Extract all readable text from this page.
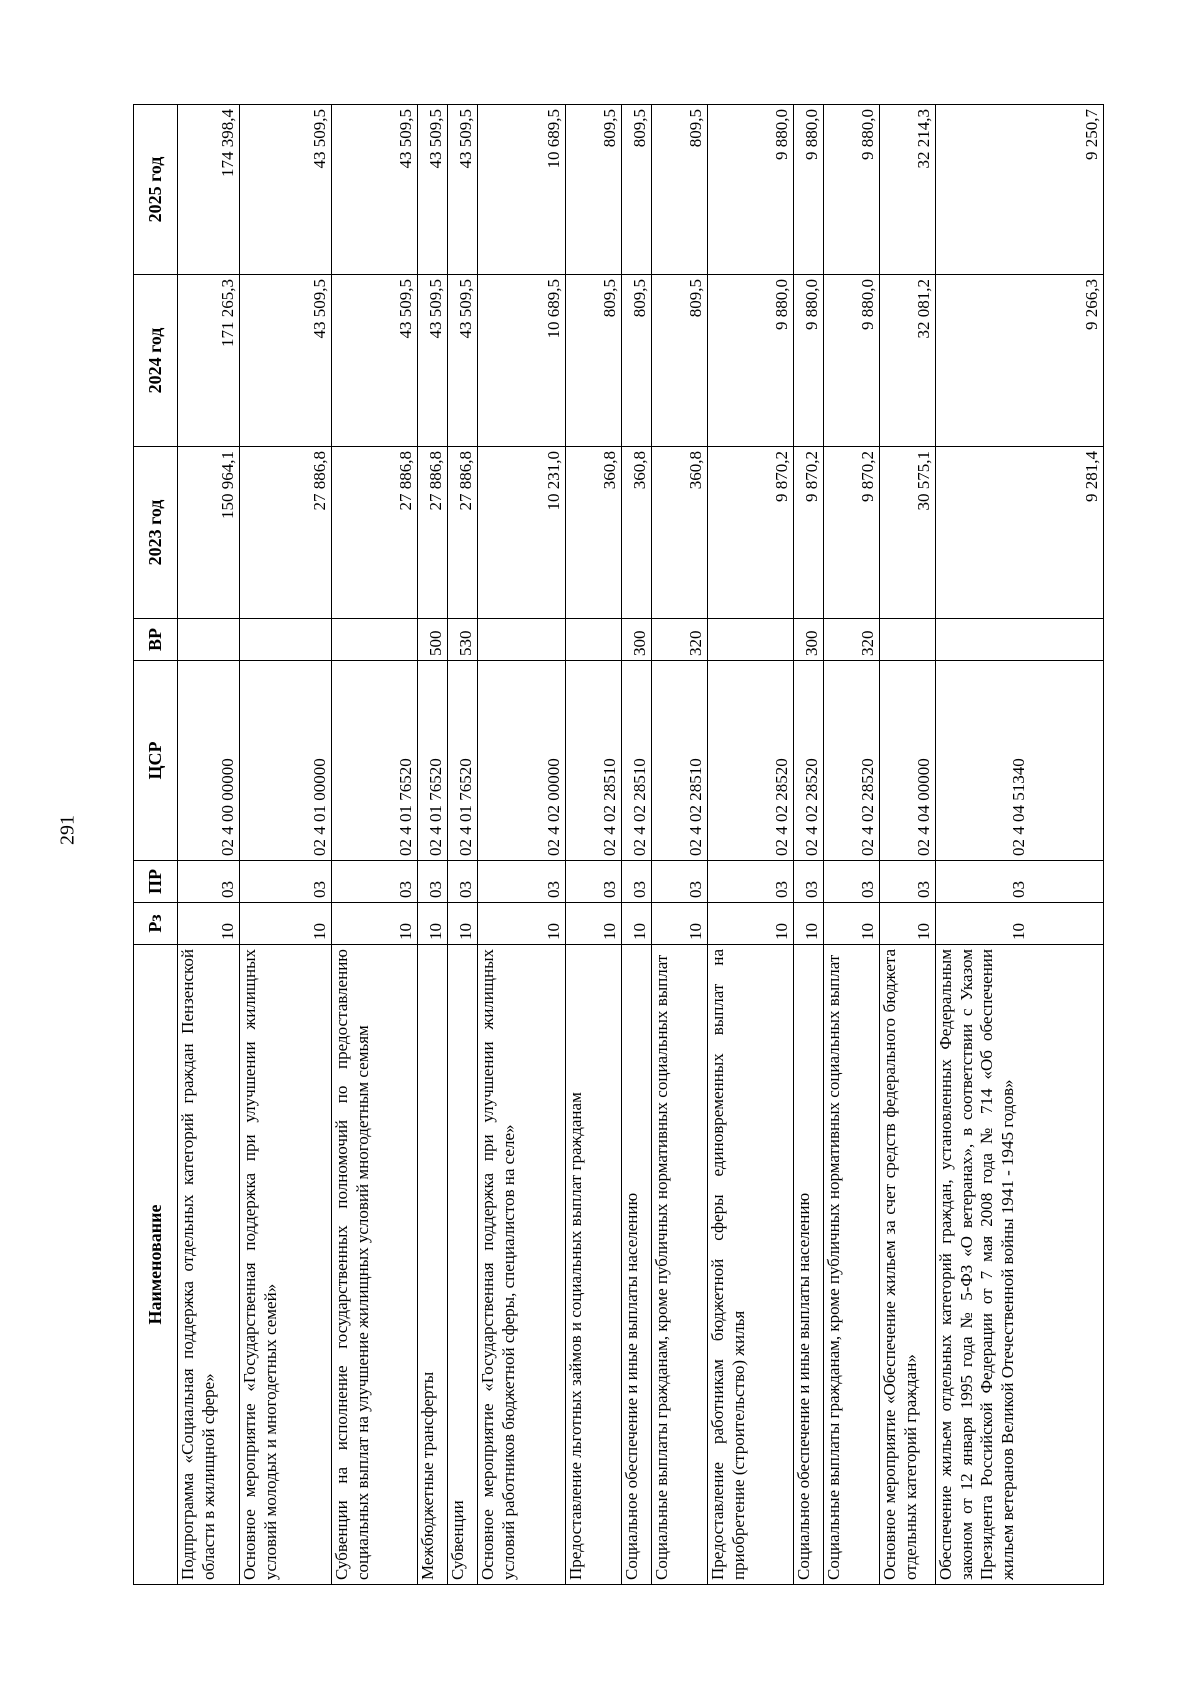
291
Наименование	Рз	ПР	ЦСР	ВР	2023 год	2024 год	2025 год
Подпрограмма «Социальная поддержка отдельных категорий граждан Пензенской области в жилищной сфере»	10	03	02 4 00 00000		150 964,1	171 265,3	174 398,4
Основное мероприятие «Государственная поддержка при улучшении жилищных условий молодых и многодетных семей»	10	03	02 4 01 00000		27 886,8	43 509,5	43 509,5
Субвенции на исполнение государственных полномочий по предоставлению социальных выплат на улучшение жилищных условий многодетным семьям	10	03	02 4 01 76520		27 886,8	43 509,5	43 509,5
Межбюджетные трансферты	10	03	02 4 01 76520	500	27 886,8	43 509,5	43 509,5
Субвенции	10	03	02 4 01 76520	530	27 886,8	43 509,5	43 509,5
Основное мероприятие «Государственная поддержка при улучшении жилищных условий работников бюджетной сферы, специалистов на селе»	10	03	02 4 02 00000		10 231,0	10 689,5	10 689,5
Предоставление льготных займов и социальных выплат гражданам	10	03	02 4 02 28510		360,8	809,5	809,5
Социальное обеспечение и иные выплаты населению	10	03	02 4 02 28510	300	360,8	809,5	809,5
Социальные выплаты гражданам, кроме публичных нормативных социальных выплат	10	03	02 4 02 28510	320	360,8	809,5	809,5
Предоставление работникам бюджетной сферы единовременных выплат на приобретение (строительство) жилья	10	03	02 4 02 28520		9 870,2	9 880,0	9 880,0
Социальное обеспечение и иные выплаты населению	10	03	02 4 02 28520	300	9 870,2	9 880,0	9 880,0
Социальные выплаты гражданам, кроме публичных нормативных социальных выплат	10	03	02 4 02 28520	320	9 870,2	9 880,0	9 880,0
Основное мероприятие «Обеспечение жильем за счет средств федерального бюджета отдельных категорий граждан»	10	03	02 4 04 00000		30 575,1	32 081,2	32 214,3
Обеспечение жильем отдельных категорий граждан, установленных Федеральным законом от 12 января 1995 года № 5-ФЗ «О ветеранах», в соответствии с Указом Президента Российской Федерации от 7 мая 2008 года № 714 «Об обеспечении жильем ветеранов Великой Отечественной войны 1941 - 1945 годов»	10	03	02 4 04 51340		9 281,4	9 266,3	9 250,7
